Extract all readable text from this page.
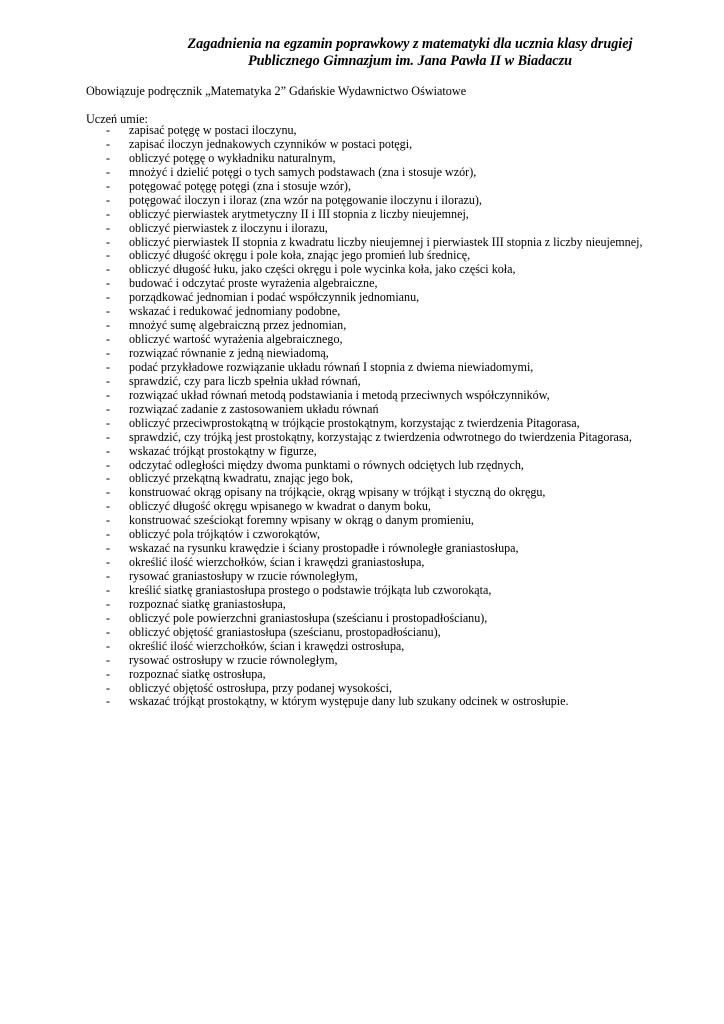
Zagadnienia na egzamin poprawkowy z matematyki dla ucznia klasy drugiej
Publicznego Gimnazjum im. Jana Pawła II w Biadaczu
Obowiązuje podręcznik „Matematyka 2” Gdańskie Wydawnictwo Oświatowe
Uczeń umie:
- zapisać potęgę w postaci iloczynu,
- zapisać iloczyn jednakowych czynników w postaci potęgi,
- obliczyć potęgę o wykładniku naturalnym,
- mnożyć i dzielić potęgi o tych samych podstawach (zna i stosuje wzór),
- potęgować potęgę potęgi (zna i stosuje wzór),
- potęgować iloczyn i iloraz (zna wzór na potęgowanie iloczynu i ilorazu),
- obliczyć pierwiastek arytmetyczny II i III stopnia z liczby nieujemnej,
- obliczyć pierwiastek z iloczynu i ilorazu,
- obliczyć pierwiastek II stopnia z kwadratu liczby nieujemnej i pierwiastek III stopnia z liczby nieujemnej,
- obliczyć długość okręgu i pole koła, znając jego promień lub średnicę,
- obliczyć długość łuku, jako części okręgu i pole wycinka koła, jako części koła,
- budować i odczytać proste wyrażenia algebraiczne,
- porządkować jednomian i podać współczynnik jednomianu,
- wskazać i redukować jednomiany podobne,
- mnożyć sumę algebraiczną przez jednomian,
- obliczyć wartość wyrażenia algebraicznego,
- rozwiązać równanie z jedną niewiadomą,
- podać przykładowe rozwiązanie układu równań I stopnia z dwiema niewiadomymi,
- sprawdzić, czy para liczb spełnia układ równań,
- rozwiązać układ równań metodą podstawiania i metodą przeciwnych współczynników,
- rozwiązać zadanie z zastosowaniem układu równań
- obliczyć przeciwprostokątną w trójkącie prostokątnym, korzystając z twierdzenia Pitagorasa,
- sprawdzić, czy trójką jest prostokątny, korzystając z twierdzenia odwrotnego do twierdzenia Pitagorasa,
- wskazać trójkąt prostokątny w figurze,
- odczytać odległości między dwoma punktami o równych odciętych lub rzędnych,
- obliczyć przekątną kwadratu, znając jego bok,
- konstruować okrąg opisany na trójkącie, okrąg wpisany w trójkąt i styczną do okręgu,
- obliczyć długość okręgu wpisanego w kwadrat o danym boku,
- konstruować sześciokąt foremny wpisany w okrąg o danym promieniu,
- obliczyć pola trójkątów i czworokątów,
- wskazać na rysunku krawędzie i ściany prostopadłe i równoległe graniastosłupa,
- określić ilość wierzchołków, ścian i krawędzi graniastosłupa,
- rysować graniastosłupy w rzucie równoległym,
- kreślić siatkę graniastosłupa prostego o podstawie trójkąta lub czworokąta,
- rozpoznać siatkę graniastosłupa,
- obliczyć pole powierzchni graniastosłupa (sześcianu i prostopadłościanu),
- obliczyć objętość graniastosłupa (sześcianu, prostopadłościanu),
- określić ilość wierzchołków, ścian i krawędzi ostrosłupa,
- rysować ostrosłupy w rzucie równoległym,
- rozpoznać siatkę ostrosłupa,
- obliczyć objętość ostrosłupa, przy podanej wysokości,
- wskazać trójkąt prostokątny, w którym występuje dany lub szukany odcinek w ostrosłupie.
